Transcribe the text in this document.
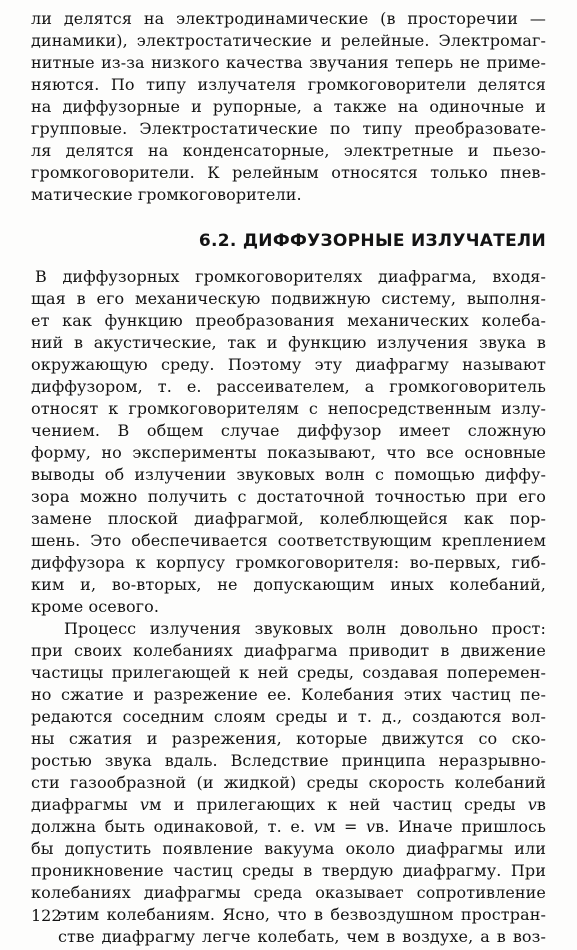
ли делятся на электродинамические (в просторечии —
динамики), электростатические и релейные. Электромаг-
нитные из-за низкого качества звучания теперь не приме-
няются. По типу излучателя громкоговорители делятся
на диффузорные и рупорные, а также на одиночные и
групповые. Электростатические по типу преобразовате-
ля делятся на конденсаторные, электретные и пьезо-
громкоговорители. К релейным относятся только пнев-
матические громкоговорители.
6.2. ДИФФУЗОРНЫЕ ИЗЛУЧАТЕЛИ
В диффузорных громкоговорителях диафрагма, входя-
щая в его механическую подвижную систему, выполня-
ет как функцию преобразования механических колеба-
ний в акустические, так и функцию излучения звука в
окружающую среду. Поэтому эту диафрагму называют
диффузором, т. е. рассеивателем, а громкоговоритель
относят к громкоговорителям с непосредственным излу-
чением. В общем случае диффузор имеет сложную
форму, но эксперименты показывают, что все основные
выводы об излучении звуковых волн с помощью диффу-
зора можно получить с достаточной точностью при его
замене плоской диафрагмой, колеблющейся как пор-
шень. Это обеспечивается соответствующим креплением
диффузора к корпусу громкоговорителя: во-первых, гиб-
ким и, во-вторых, не допускающим иных колебаний,
кроме осевого.
Процесс излучения звуковых волн довольно прост:
при своих колебаниях диафрагма приводит в движение
частицы прилегающей к ней среды, создавая поперемен-
но сжатие и разрежение ее. Колебания этих частиц пе-
редаются соседним слоям среды и т. д., создаются вол-
ны сжатия и разрежения, которые движутся со ско-
ростью звука вдаль. Вследствие принципа неразрывно-
сти газообразной (и жидкой) среды скорость колебаний
диафрагмы 𝑣м и прилегающих к ней частиц среды 𝑣в
должна быть одинаковой, т. е. 𝑣м = 𝑣в. Иначе пришлось
бы допустить появление вакуума около диафрагмы или
проникновение частиц среды в твердую диафрагму. При
колебаниях диафрагмы среда оказывает сопротивление
этим колебаниям. Ясно, что в безвоздушном простран-
стве диафрагму легче колебать, чем в воздухе, а в воз-
122
